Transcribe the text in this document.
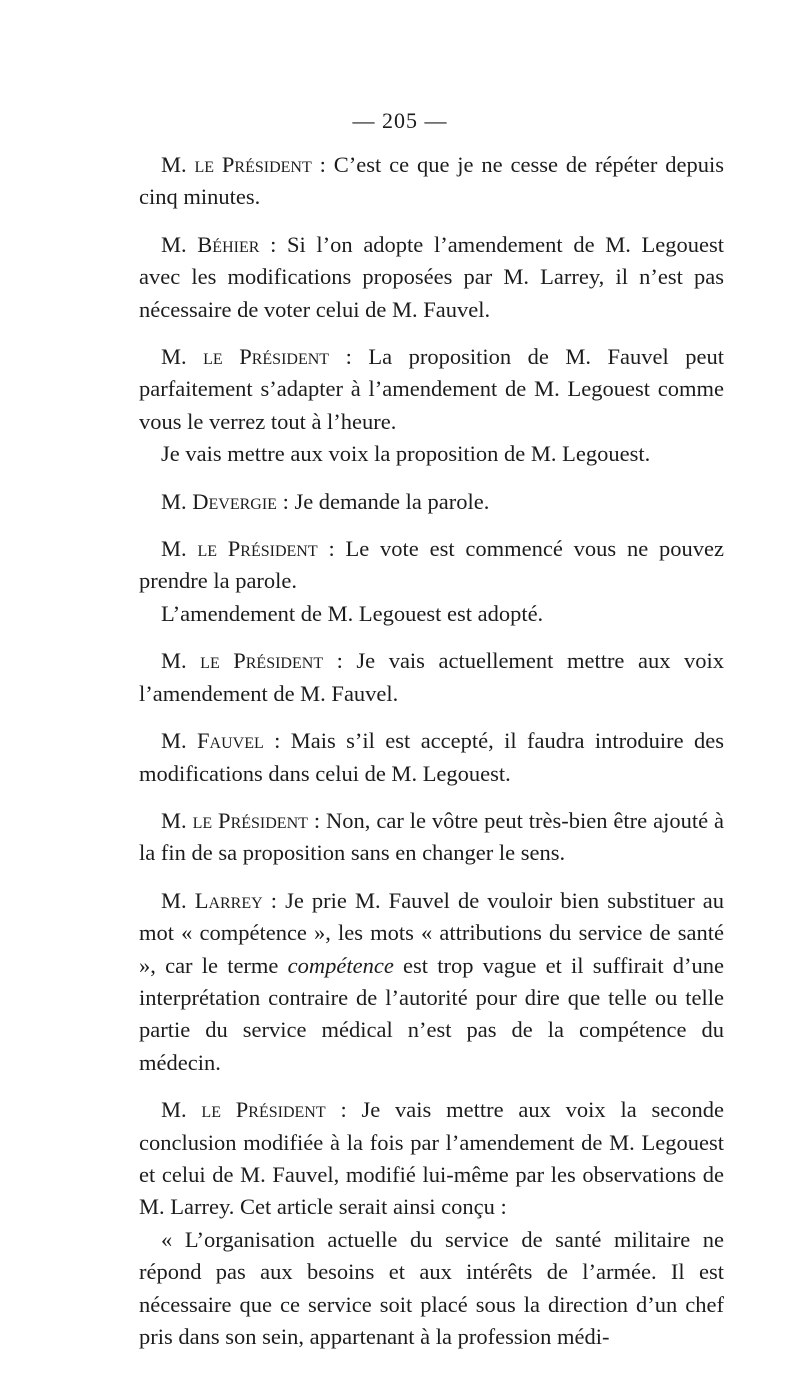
— 205 —

M. le Président : C’est ce que je ne cesse de répéter depuis cinq minutes.

M. Béhier : Si l’on adopte l’amendement de M. Legouest avec les modifications proposées par M. Larrey, il n’est pas nécessaire de voter celui de M. Fauvel.

M. le Président : La proposition de M. Fauvel peut parfaitement s’adapter à l’amendement de M. Legouest comme vous le verrez tout à l’heure.

Je vais mettre aux voix la proposition de M. Legouest.

M. Devergie : Je demande la parole.

M. le Président : Le vote est commencé vous ne pouvez prendre la parole.

L’amendement de M. Legouest est adopté.

M. le Président : Je vais actuellement mettre aux voix l’amendement de M. Fauvel.

M. Fauvel : Mais s’il est accepté, il faudra introduire des modifications dans celui de M. Legouest.

M. le Président : Non, car le vôtre peut très-bien être ajouté à la fin de sa proposition sans en changer le sens.

M. Larrey : Je prie M. Fauvel de vouloir bien substituer au mot « compétence », les mots « attributions du service de santé », car le terme compétence est trop vague et il suffirait d’une interprétation contraire de l’autorité pour dire que telle ou telle partie du service médical n’est pas de la compétence du médecin.

M. le Président : Je vais mettre aux voix la seconde conclusion modifiée à la fois par l’amendement de M. Legouest et celui de M. Fauvel, modifié lui-même par les observations de M. Larrey. Cet article serait ainsi conçu :

« L’organisation actuelle du service de santé militaire ne répond pas aux besoins et aux intérêts de l’armée. Il est nécessaire que ce service soit placé sous la direction d’un chef pris dans son sein, appartenant à la profession médi-
